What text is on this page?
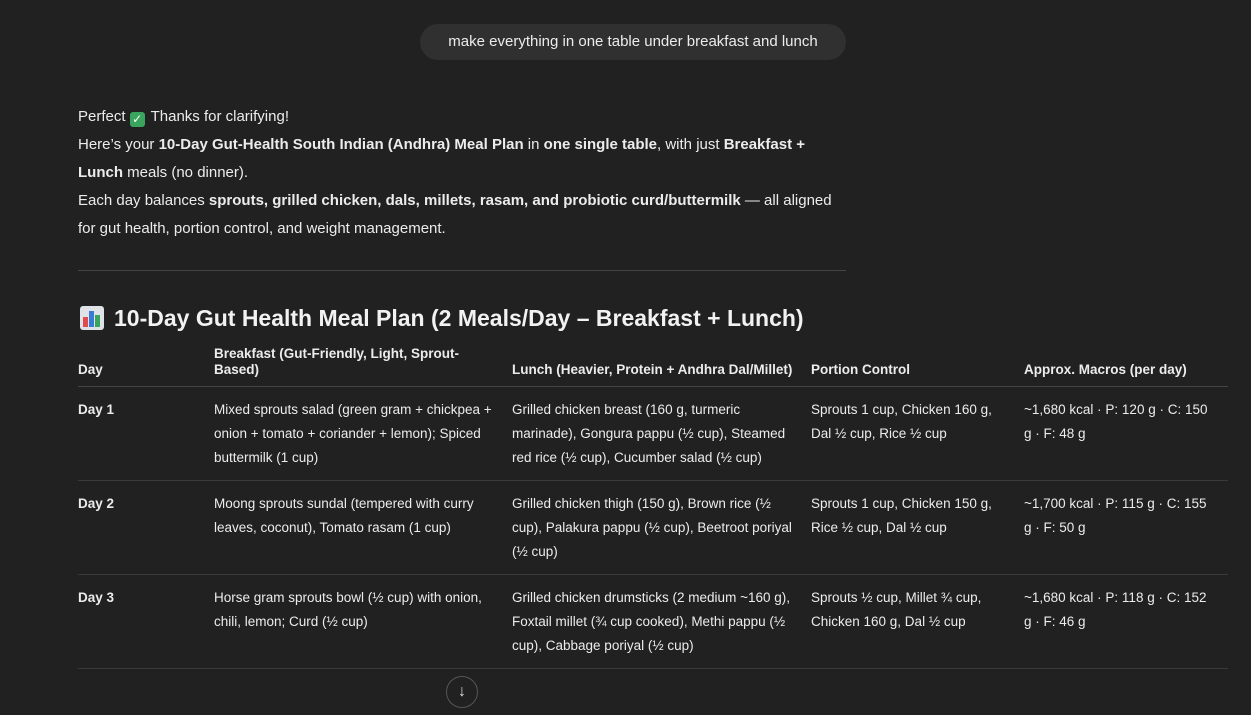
make everything in one table under breakfast and lunch

Perfect ✓ Thanks for clarifying!

Here’s your 10-Day Gut-Health South Indian (Andhra) Meal Plan in one single table, with just Breakfast + Lunch meals (no dinner).

Each day balances sprouts, grilled chicken, dals, millets, rasam, and probiotic curd/buttermilk — all aligned for gut health, portion control, and weight management.

10-Day Gut Health Meal Plan (2 Meals/Day – Breakfast + Lunch)
Day	Breakfast (Gut-Friendly, Light, Sprout-Based)	Lunch (Heavier, Protein + Andhra Dal/Millet)	Portion Control	Approx. Macros (per day)
Day 1	Mixed sprouts salad (green gram + chickpea + onion + tomato + coriander + lemon); Spiced buttermilk (1 cup)	Grilled chicken breast (160 g, turmeric marinade), Gongura pappu (½ cup), Steamed red rice (½ cup), Cucumber salad (½ cup)	Sprouts 1 cup, Chicken 160 g, Dal ½ cup, Rice ½ cup	~1,680 kcal · P: 120 g · C: 150 g · F: 48 g
Day 2	Moong sprouts sundal (tempered with curry leaves, coconut), Tomato rasam (1 cup)	Grilled chicken thigh (150 g), Brown rice (½ cup), Palakura pappu (½ cup), Beetroot poriyal (½ cup)	Sprouts 1 cup, Chicken 150 g, Rice ½ cup, Dal ½ cup	~1,700 kcal · P: 115 g · C: 155 g · F: 50 g
Day 3	Horse gram sprouts bowl (½ cup) with onion, chili, lemon; Curd (½ cup)	Grilled chicken drumsticks (2 medium ~160 g), Foxtail millet (¾ cup cooked), Methi pappu (½ cup), Cabbage poriyal (½ cup)	Sprouts ½ cup, Millet ¾ cup, Chicken 160 g, Dal ½ cup	~1,680 kcal · P: 118 g · C: 152 g · F: 46 g
↓
